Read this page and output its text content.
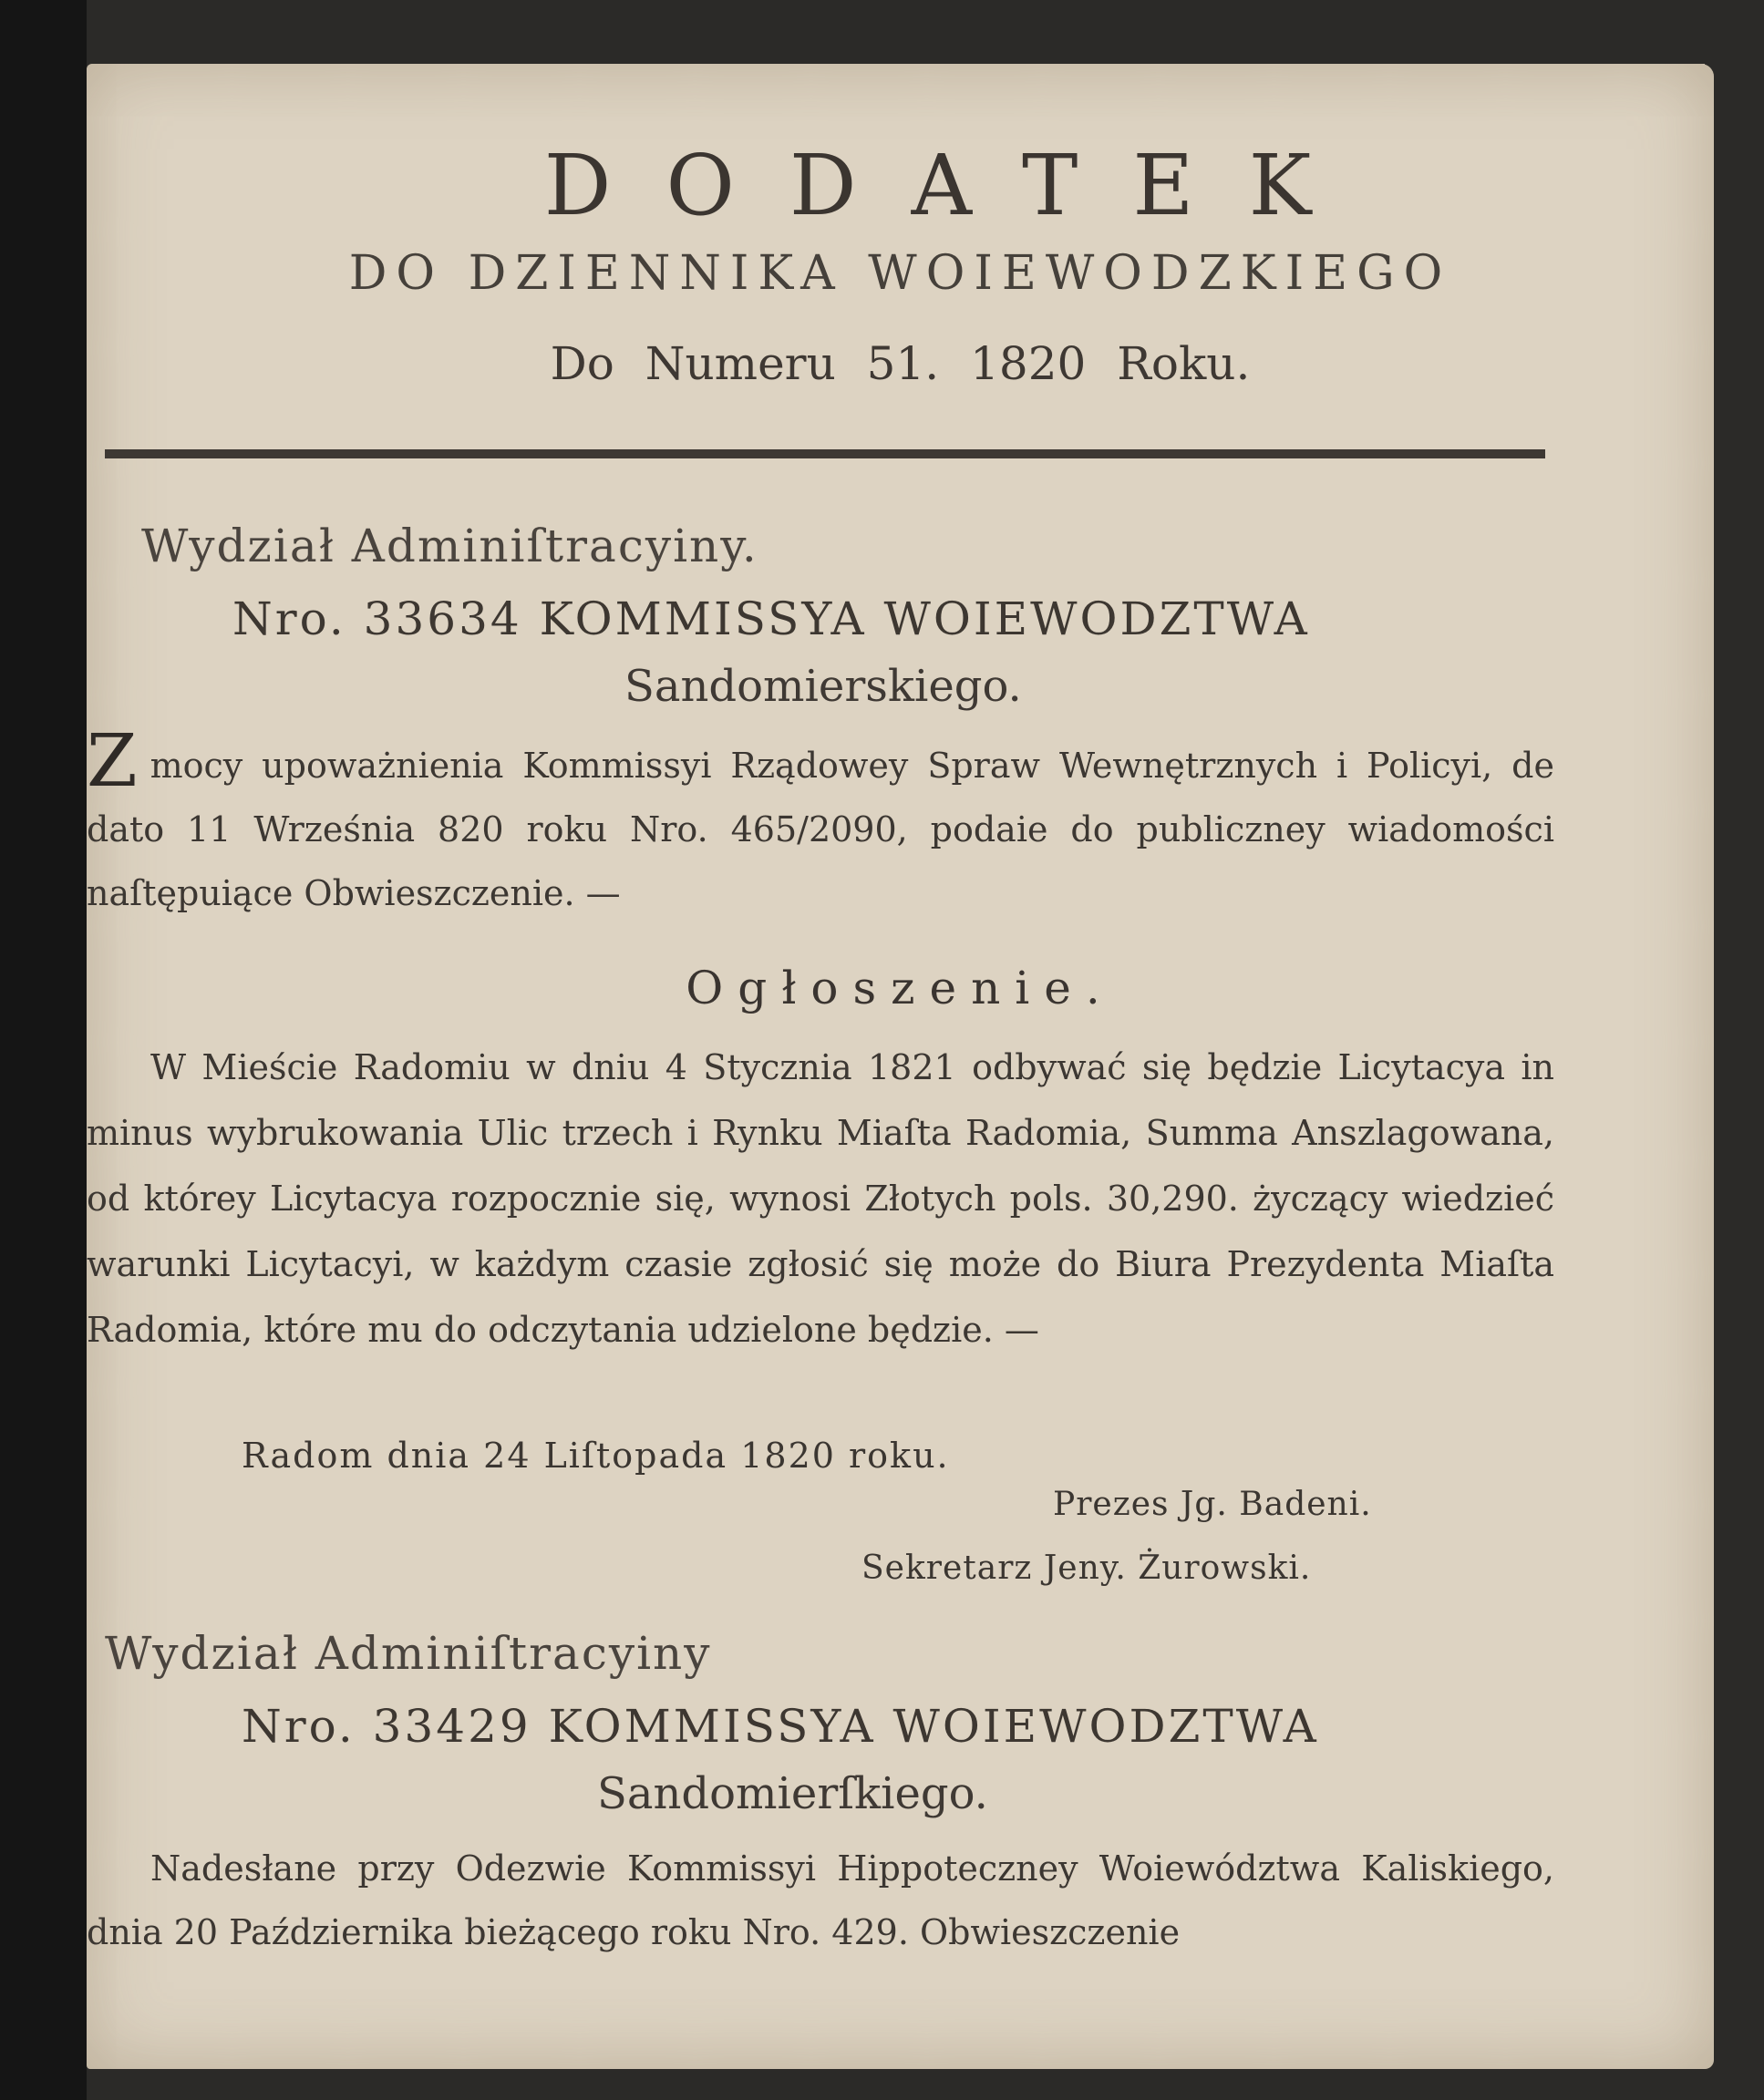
DODATEK
DO DZIENNIKA WOIEWODZKIEGO
Do Numeru 51. 1820 Roku.
Wydział Adminiſtracyiny.
Nro. 33634 KOMMISSYA WOIEWODZTWA
Sandomierskiego.
Zmocy upoważnienia Kommissyi Rządowey Spraw Wewnętrznych i Policyi, de dato 11 Września 820 roku Nro. 465/2090, podaie do publiczney wiadomości naſtępuiące Obwieszczenie. —
Ogłoszenie.
W Mieście Radomiu w dniu 4 Stycznia 1821 odbywać się będzie Licytacya in minus wybrukowania Ulic trzech i Rynku Miaſta Radomia, Summa Anszlagowana, od którey Licytacya rozpocznie się, wynosi Złotych pols. 30,290. życzący wiedzieć warunki Licytacyi, w każdym czasie zgłosić się może do Biura Prezydenta Miaſta Radomia, które mu do odczytania udzielone będzie. —
Radom dnia 24 Liſtopada 1820 roku.
Prezes Jg. Badeni.
Sekretarz Jeny. Żurowski.
Wydział Adminiſtracyiny
Nro. 33429 KOMMISSYA WOIEWODZTWA
Sandomierſkiego.
Nadesłane przy Odezwie Kommissyi Hippoteczney Woiewództwa Kaliskiego, dnia 20 Października bieżącego roku Nro. 429. Obwieszczenie
